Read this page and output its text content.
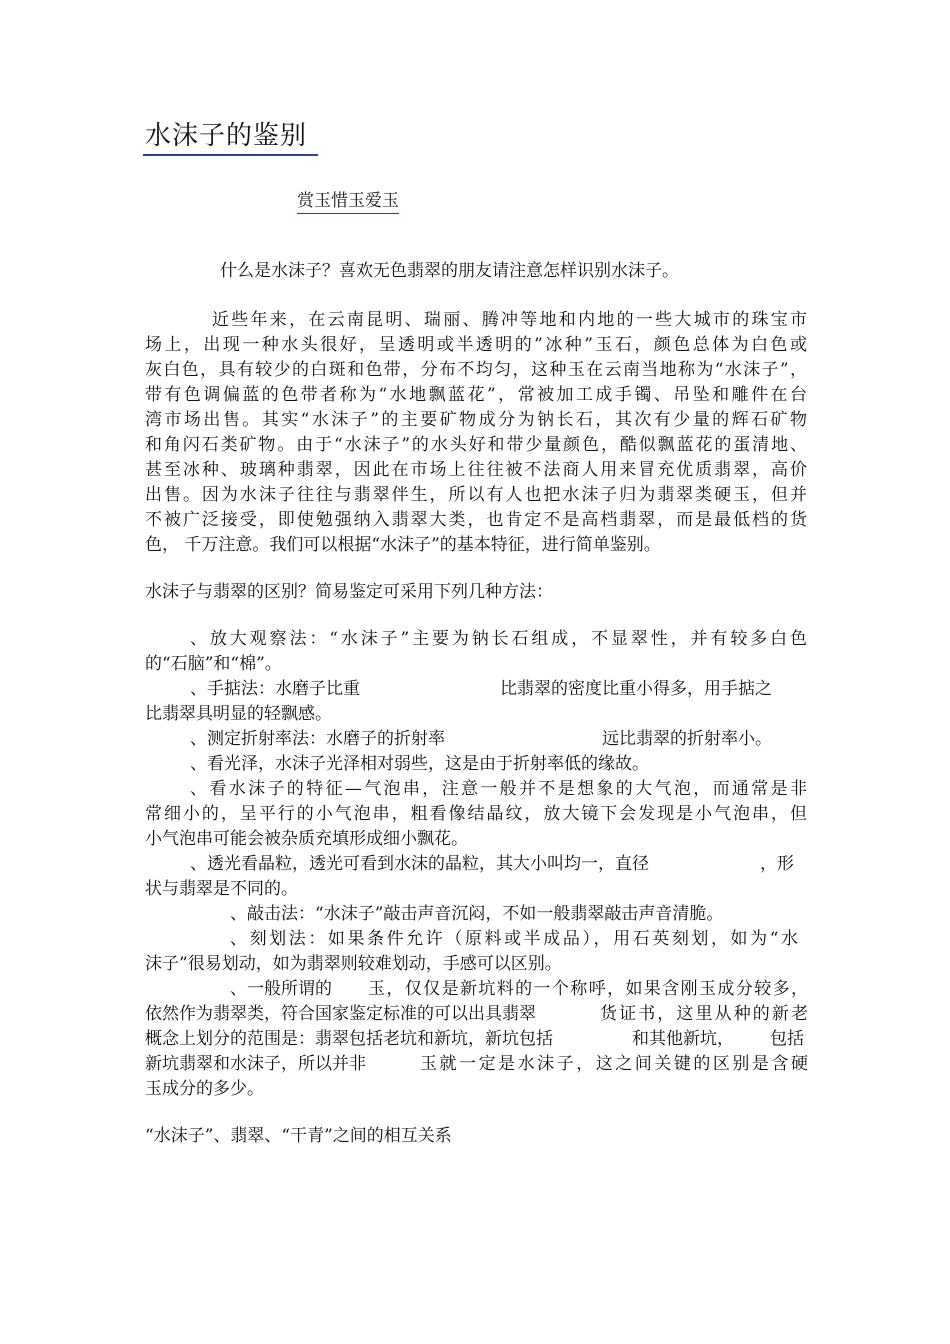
水沫子的鉴别
赏玉惜玉爱玉
什么是水沫子？喜欢无色翡翠的朋友请注意怎样识别水沫子。
近些年来，在云南昆明、瑞丽、腾冲等地和内地的一些大城市的珠宝市
场上，出现一种水头很好，呈透明或半透明的”冰种”玉石，颜色总体为白色或
灰白色，具有较少的白斑和色带，分布不均匀，这种玉在云南当地称为“水沫子”，
带有色调偏蓝的色带者称为“水地飘蓝花”，常被加工成手镯、吊坠和雕件在台
湾市场出售。其实“水沫子”的主要矿物成分为钠长石，其次有少量的辉石矿物
和角闪石类矿物。由于“水沫子”的水头好和带少量颜色，酷似飘蓝花的蛋清地、
甚至冰种、玻璃种翡翠，因此在市场上往往被不法商人用来冒充优质翡翠，高价
出售。因为水沫子往往与翡翠伴生，所以有人也把水沫子归为翡翠类硬玉，但并
不被广泛接受，即使勉强纳入翡翠大类，也肯定不是高档翡翠，而是最低档的货
色， 千万注意。我们可以根据“水沫子”的基本特征，进行简单鉴别。
水沫子与翡翠的区别？简易鉴定可采用下列几种方法：
、放大观察法：“水沫子”主要为钠长石组成，不显翠性，并有较多白色
的“石脑”和“棉”。
、手掂法：水磨子比重	比翡翠的密度比重小得多，用手掂之
比翡翠具明显的轻飘感。
、测定折射率法：水磨子的折射率	远比翡翠的折射率小。
、看光泽，水沫子光泽相对弱些，这是由于折射率低的缘故。
、看水沫子的特征—气泡串，注意一般并不是想象的大气泡，而通常是非
常细小的，呈平行的小气泡串，粗看像结晶纹，放大镜下会发现是小气泡串，但
小气泡串可能会被杂质充填形成细小飘花。
、透光看晶粒，透光可看到水沫的晶粒，其大小叫均一，直径	，形
状与翡翠是不同的。
、敲击法：“水沫子”敲击声音沉闷，不如一般翡翠敲击声音清脆。
、刻划法：如果条件允许（原料或半成品），用石英刻划，如为“水
沫子”很易划动，如为翡翠则较难划动，手感可以区别。
、一般所谓的	玉，仅仅是新坑料的一个称呼，如果含刚玉成分较多，
依然作为翡翠类，符合国家鉴定标准的可以出具翡翠	货证书，这里从种的新老
概念上划分的范围是：翡翠包括老坑和新坑，新坑包括	和其他新坑，	包括
新坑翡翠和水沫子，所以并非	玉就一定是水沫子，这之间关键的区别是含硬
玉成分的多少。
“水沫子”、翡翠、“干青”之间的相互关系
